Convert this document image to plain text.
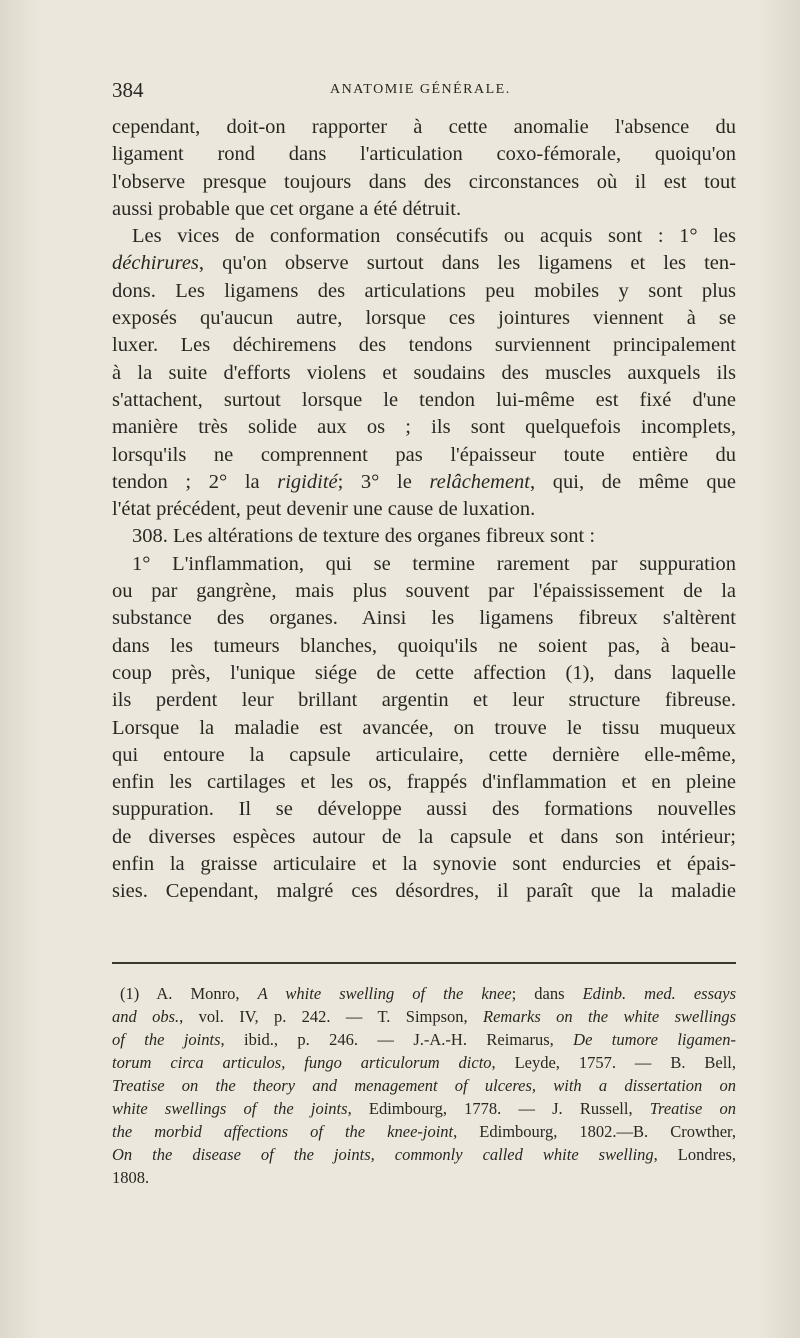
384	ANATOMIE GÉNÉRALE.
cependant, doit-on rapporter à cette anomalie l'absence du
ligament rond dans l'articulation coxo-fémorale, quoiqu'on
l'observe presque toujours dans des circonstances où il est tout
aussi probable que cet organe a été détruit.
Les vices de conformation consécutifs ou acquis sont : 1° les
déchirures, qu'on observe surtout dans les ligamens et les ten-
dons. Les ligamens des articulations peu mobiles y sont plus
exposés qu'aucun autre, lorsque ces jointures viennent à se
luxer. Les déchiremens des tendons surviennent principalement
à la suite d'efforts violens et soudains des muscles auxquels ils
s'attachent, surtout lorsque le tendon lui-même est fixé d'une
manière très solide aux os ; ils sont quelquefois incomplets,
lorsqu'ils ne comprennent pas l'épaisseur toute entière du
tendon ; 2° la rigidité; 3° le relâchement, qui, de même que
l'état précédent, peut devenir une cause de luxation.
308. Les altérations de texture des organes fibreux sont :
1° L'inflammation, qui se termine rarement par suppuration
ou par gangrène, mais plus souvent par l'épaississement de la
substance des organes. Ainsi les ligamens fibreux s'altèrent
dans les tumeurs blanches, quoiqu'ils ne soient pas, à beau-
coup près, l'unique siége de cette affection (1), dans laquelle
ils perdent leur brillant argentin et leur structure fibreuse.
Lorsque la maladie est avancée, on trouve le tissu muqueux
qui entoure la capsule articulaire, cette dernière elle-même,
enfin les cartilages et les os, frappés d'inflammation et en pleine
suppuration. Il se développe aussi des formations nouvelles
de diverses espèces autour de la capsule et dans son intérieur;
enfin la graisse articulaire et la synovie sont endurcies et épais-
sies. Cependant, malgré ces désordres, il paraît que la maladie
(1) A. Monro, A white swelling of the knee; dans Edinb. med. essays
and obs., vol. IV, p. 242. — T. Simpson, Remarks on the white swellings
of the joints, ibid., p. 246. — J.-A.-H. Reimarus, De tumore ligamen-
torum circa articulos, fungo articulorum dicto, Leyde, 1757. — B. Bell,
Treatise on the theory and menagement of ulceres, with a dissertation on
white swellings of the joints, Edimbourg, 1778. — J. Russell, Treatise on
the morbid affections of the knee-joint, Edimbourg, 1802.—B. Crowther,
On the disease of the joints, commonly called white swelling, Londres,
1808.
